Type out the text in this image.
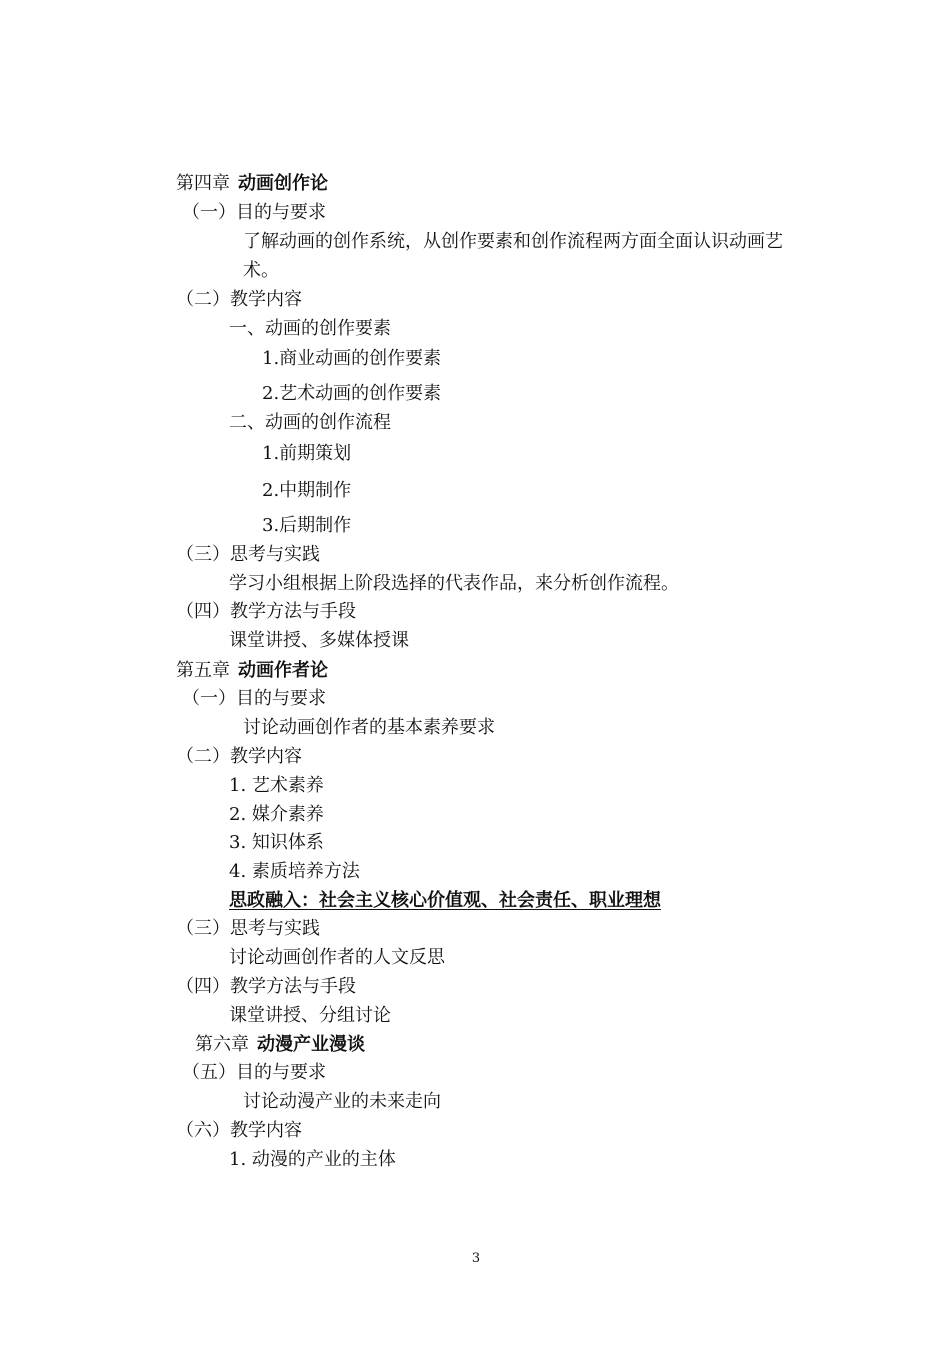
第四章 动画创作论
（一）目的与要求
了解动画的创作系统，从创作要素和创作流程两方面全面认识动画艺
术。
（二）教学内容
一、动画的创作要素
1.商业动画的创作要素
2.艺术动画的创作要素
二、动画的创作流程
1.前期策划
2.中期制作
3.后期制作
（三）思考与实践
学习小组根据上阶段选择的代表作品，来分析创作流程。
（四）教学方法与手段
课堂讲授、多媒体授课
第五章 动画作者论
（一）目的与要求
讨论动画创作者的基本素养要求
（二）教学内容
1. 艺术素养
2. 媒介素养
3. 知识体系
4. 素质培养方法
思政融入：社会主义核心价值观、社会责任、职业理想
（三）思考与实践
讨论动画创作者的人文反思
（四）教学方法与手段
课堂讲授、分组讨论
第六章 动漫产业漫谈
（五）目的与要求
讨论动漫产业的未来走向
（六）教学内容
1. 动漫的产业的主体
3
